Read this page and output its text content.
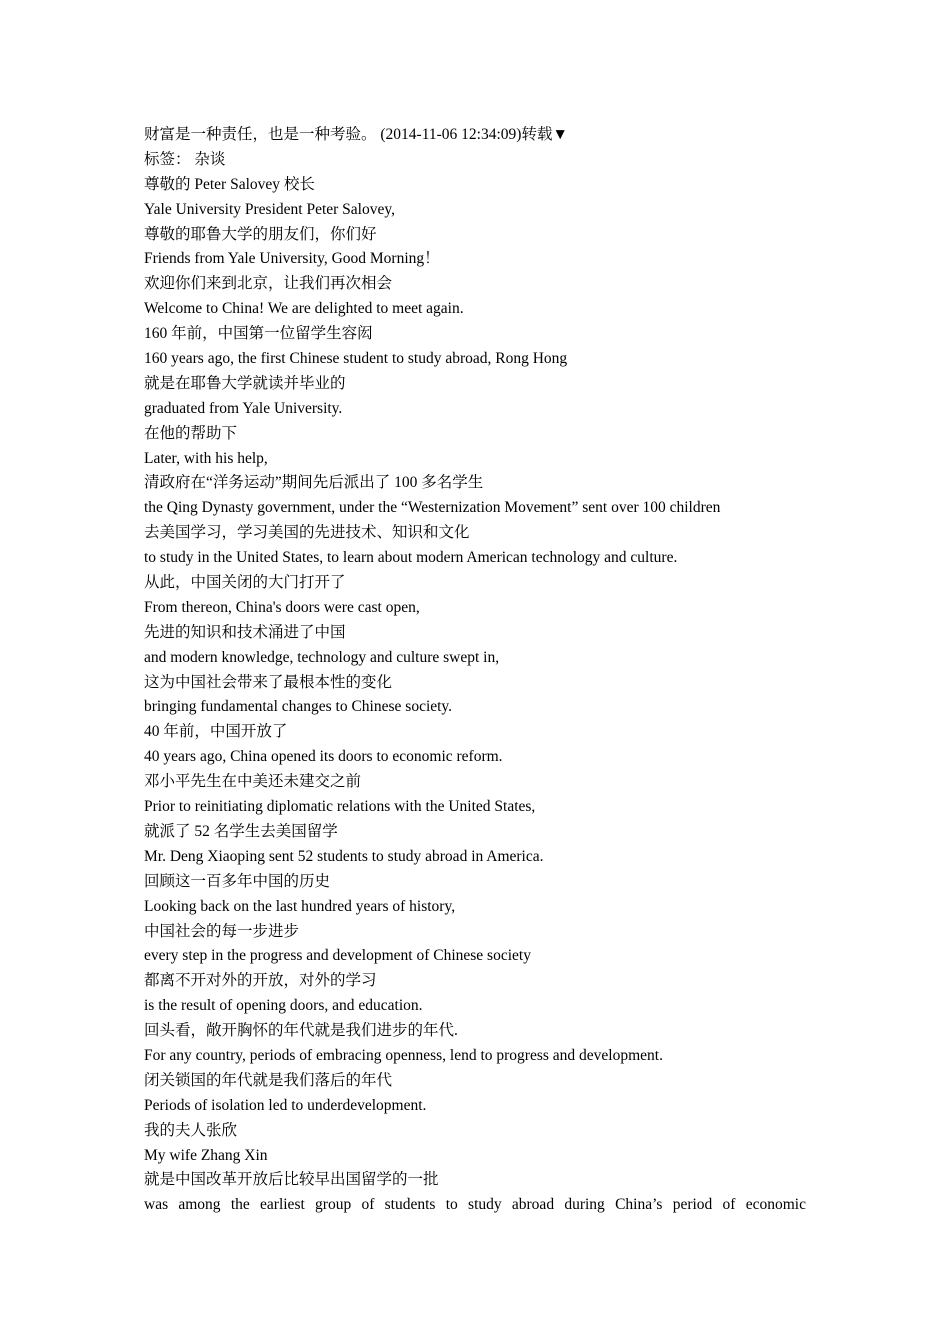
财富是一种责任，也是一种考验。 (2014-11-06 12:34:09)转载▼
标签： 杂谈
尊敬的 Peter Salovey 校长
Yale University President Peter Salovey,
尊敬的耶鲁大学的朋友们，你们好
Friends from Yale University, Good Morning！
欢迎你们来到北京，让我们再次相会
Welcome to China! We are delighted to meet again.
160 年前，中国第一位留学生容闳
160 years ago, the first Chinese student to study abroad, Rong Hong
就是在耶鲁大学就读并毕业的
graduated from Yale University.
在他的帮助下
Later, with his help,
清政府在“洋务运动”期间先后派出了 100 多名学生
the Qing Dynasty government, under the “Westernization Movement” sent over 100 children
去美国学习，学习美国的先进技术、知识和文化
to study in the United States, to learn about modern American technology and culture.
从此，中国关闭的大门打开了
From thereon, China's doors were cast open,
先进的知识和技术涌进了中国
and modern knowledge, technology and culture swept in,
这为中国社会带来了最根本性的变化
bringing fundamental changes to Chinese society.
40 年前，中国开放了
40 years ago, China opened its doors to economic reform.
邓小平先生在中美还未建交之前
Prior to reinitiating diplomatic relations with the United States,
就派了 52 名学生去美国留学
Mr. Deng Xiaoping sent 52 students to study abroad in America.
回顾这一百多年中国的历史
Looking back on the last hundred years of history,
中国社会的每一步进步
every step in the progress and development of Chinese society
都离不开对外的开放，对外的学习
is the result of opening doors, and education.
回头看，敞开胸怀的年代就是我们进步的年代.
For any country, periods of embracing openness, lend to progress and development.
闭关锁国的年代就是我们落后的年代
Periods of isolation led to underdevelopment.
我的夫人张欣
My wife Zhang Xin
就是中国改革开放后比较早出国留学的一批
was among the earliest group of students to study abroad during China’s period of economic
